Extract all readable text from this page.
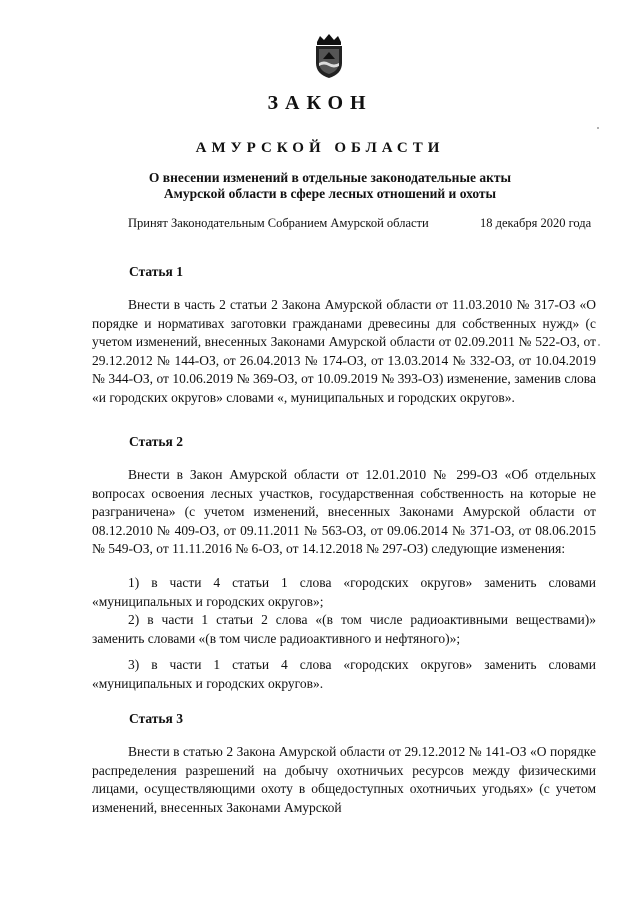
ЗАКОН
АМУРСКОЙ ОБЛАСТИ
О внесении изменений в отдельные законодательные акты Амурской области в сфере лесных отношений и охоты
Принят Законодательным Собранием Амурской области	18 декабря 2020 года
Статья 1

Внести в часть 2 статьи 2 Закона Амурской области от 11.03.2010 № 317-ОЗ «О порядке и нормативах заготовки гражданами древесины для собственных нужд» (с учетом изменений, внесенных Законами Амурской области от 02.09.2011 № 522-ОЗ, от 29.12.2012 № 144-ОЗ, от 26.04.2013 № 174-ОЗ, от 13.03.2014 № 332-ОЗ, от 10.04.2019 № 344-ОЗ, от 10.06.2019 № 369-ОЗ, от 10.09.2019 № 393-ОЗ) изменение, заменив слова «и городских округов» словами «, муниципальных и городских округов».

Статья 2

Внести в Закон Амурской области от 12.01.2010 № 299-ОЗ «Об отдельных вопросах освоения лесных участков, государственная собственность на которые не разграничена» (с учетом изменений, внесенных Законами Амурской области от 08.12.2010 № 409-ОЗ, от 09.11.2011 № 563-ОЗ, от 09.06.2014 № 371-ОЗ, от 08.06.2015 № 549-ОЗ, от 11.11.2016 № 6-ОЗ, от 14.12.2018 № 297-ОЗ) следующие изменения:

1) в части 4 статьи 1 слова «городских округов» заменить словами «муниципальных и городских округов»;

2) в части 1 статьи 2 слова «(в том числе радиоактивными веществами)» заменить словами «(в том числе радиоактивного и нефтяного)»;

3) в части 1 статьи 4 слова «городских округов» заменить словами «муниципальных и городских округов».

Статья 3

Внести в статью 2 Закона Амурской области от 29.12.2012 № 141-ОЗ «О порядке распределения разрешений на добычу охотничьих ресурсов между физическими лицами, осуществляющими охоту в общедоступных охотничьих угодьях» (с учетом изменений, внесенных Законами Амурской
